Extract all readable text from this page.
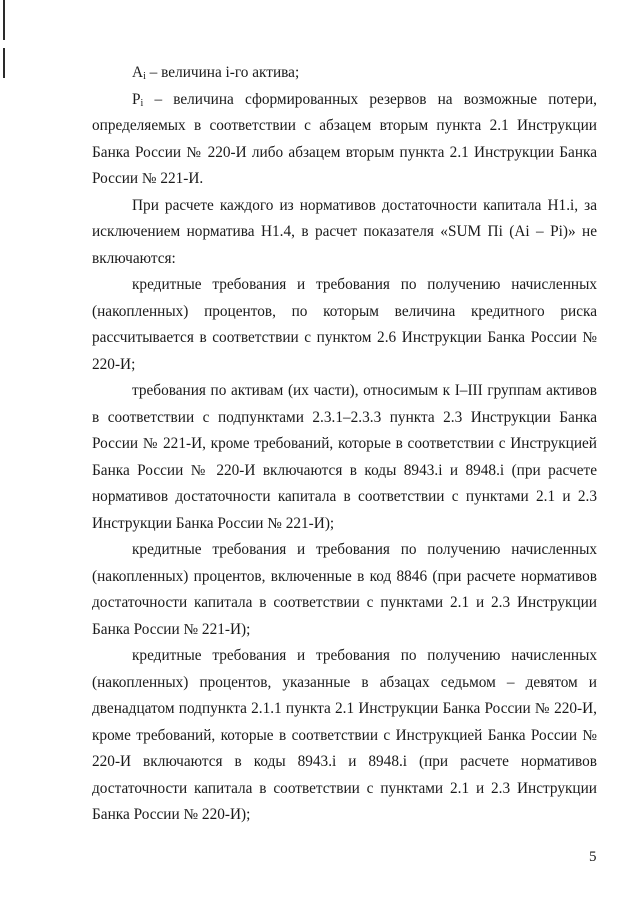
$A_i$ – величина i-го актива;

$P_i$ – величина сформированных резервов на возможные потери, определяемых в соответствии с абзацем вторым пункта 2.1 Инструкции Банка России № 220-И либо абзацем вторым пункта 2.1 Инструкции Банка России № 221-И.

При расчете каждого из нормативов достаточности капитала Н1.i, за исключением норматива Н1.4, в расчет показателя «SUM Пi (Ai – Pi)» не включаются:

кредитные требования и требования по получению начисленных (накопленных) процентов, по которым величина кредитного риска рассчитывается в соответствии с пунктом 2.6 Инструкции Банка России № 220-И;

требования по активам (их части), относимым к I–III группам активов в соответствии с подпунктами 2.3.1–2.3.3 пункта 2.3 Инструкции Банка России № 221-И, кроме требований, которые в соответствии с Инструкцией Банка России № 220-И включаются в коды 8943.i и 8948.i (при расчете нормативов достаточности капитала в соответствии с пунктами 2.1 и 2.3 Инструкции Банка России № 221-И);

кредитные требования и требования по получению начисленных (накопленных) процентов, включенные в код 8846 (при расчете нормативов достаточности капитала в соответствии с пунктами 2.1 и 2.3 Инструкции Банка России № 221-И);

кредитные требования и требования по получению начисленных (накопленных) процентов, указанные в абзацах седьмом – девятом и двенадцатом подпункта 2.1.1 пункта 2.1 Инструкции Банка России № 220-И, кроме требований, которые в соответствии с Инструкцией Банка России № 220-И включаются в коды 8943.i и 8948.i (при расчете нормативов достаточности капитала в соответствии с пунктами 2.1 и 2.3 Инструкции Банка России № 220-И);

5
